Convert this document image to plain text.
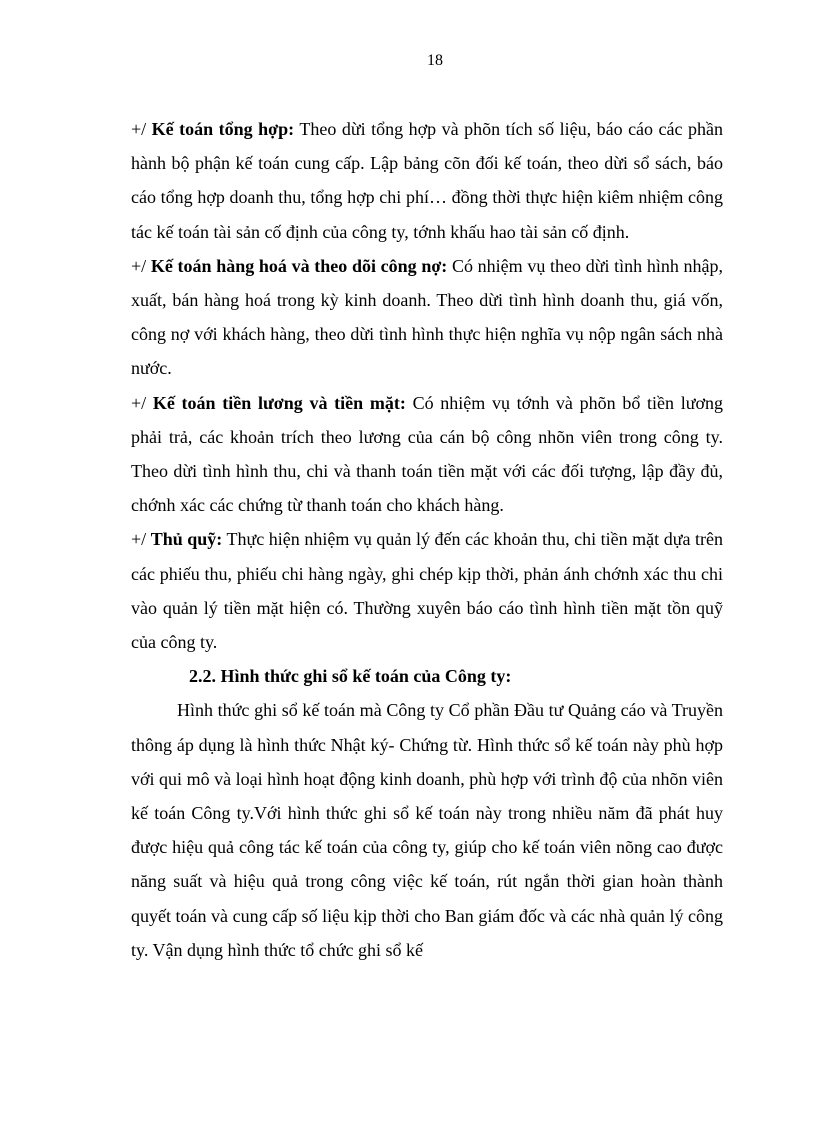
18

+/ Kế toán tổng hợp: Theo dừi tổng hợp và phõn tích số liệu, báo cáo các phần hành bộ phận kế toán cung cấp. Lập bảng cõn đối kế toán, theo dừi sổ sách, báo cáo tổng hợp doanh thu, tổng hợp chi phí… đồng thời thực hiện kiêm nhiệm công tác kế toán tài sản cố định của công ty, tớnh khấu hao tài sản cố định.

+/ Kế toán hàng hoá và theo dõi công nợ: Có nhiệm vụ theo dừi tình hình nhập, xuất, bán hàng hoá trong kỳ kinh doanh. Theo dừi tình hình doanh thu, giá vốn, công nợ với khách hàng, theo dừi tình hình thực hiện nghĩa vụ nộp ngân sách nhà nước.

+/ Kế toán tiền lương và tiền mặt: Có nhiệm vụ tớnh và phõn bổ tiền lương phải trả, các khoản trích theo lương của cán bộ công nhõn viên trong công ty. Theo dừi tình hình thu, chi và thanh toán tiền mặt với các đối tượng, lập đầy đủ, chớnh xác các chứng từ thanh toán cho khách hàng.

+/ Thủ quỹ: Thực hiện nhiệm vụ quản lý đến các khoản thu, chi tiền mặt dựa trên các phiếu thu, phiếu chi hàng ngày, ghi chép kịp thời, phản ánh chớnh xác thu chi vào quản lý tiền mặt hiện có. Thường xuyên báo cáo tình hình tiền mặt tồn quỹ của công ty.

2.2. Hình thức ghi sổ kế toán của Công ty:

Hình thức ghi sổ kế toán mà Công ty Cổ phần Đầu tư Quảng cáo và Truyền thông áp dụng là hình thức Nhật ký- Chứng từ. Hình thức sổ kế toán này phù hợp với qui mô và loại hình hoạt động kinh doanh, phù hợp với trình độ của nhõn viên kế toán Công ty.Với hình thức ghi sổ kế toán này trong nhiều năm đã phát huy được hiệu quả công tác kế toán của công ty, giúp cho kế toán viên nõng cao được năng suất và hiệu quả trong công việc kế toán, rút ngắn thời gian hoàn thành quyết toán và cung cấp số liệu kịp thời cho Ban giám đốc và các nhà quản lý công ty. Vận dụng hình thức tổ chức ghi sổ kế
